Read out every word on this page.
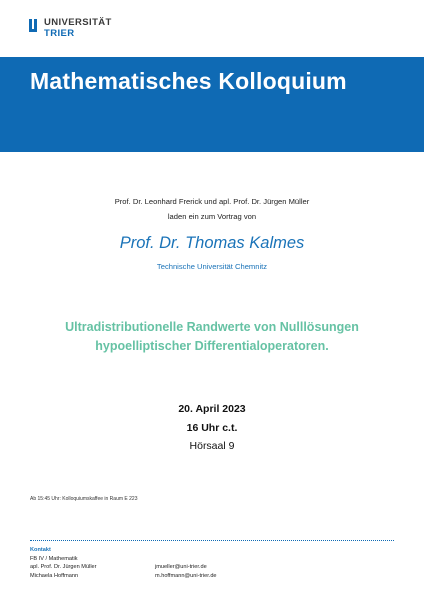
UNIVERSITÄT
TRIER
Mathematisches Kolloquium
Prof. Dr. Leonhard Frerick und apl. Prof. Dr. Jürgen Müller
laden ein zum Vortrag von
Prof. Dr. Thomas Kalmes
Technische Universität Chemnitz
Ultradistributionelle Randwerte von Nulllösungen
hypoelliptischer Differentialoperatoren.
20. April 2023
16 Uhr c.t.
Hörsaal 9
Ab 15:45 Uhr: Kolloquiumskaffee in Raum E 223
Kontakt
FB IV / Mathematik
apl. Prof. Dr. Jürgen Müller
Michaela Hoffmann
jmueller@uni-trier.de
m.hoffmann@uni-trier.de
